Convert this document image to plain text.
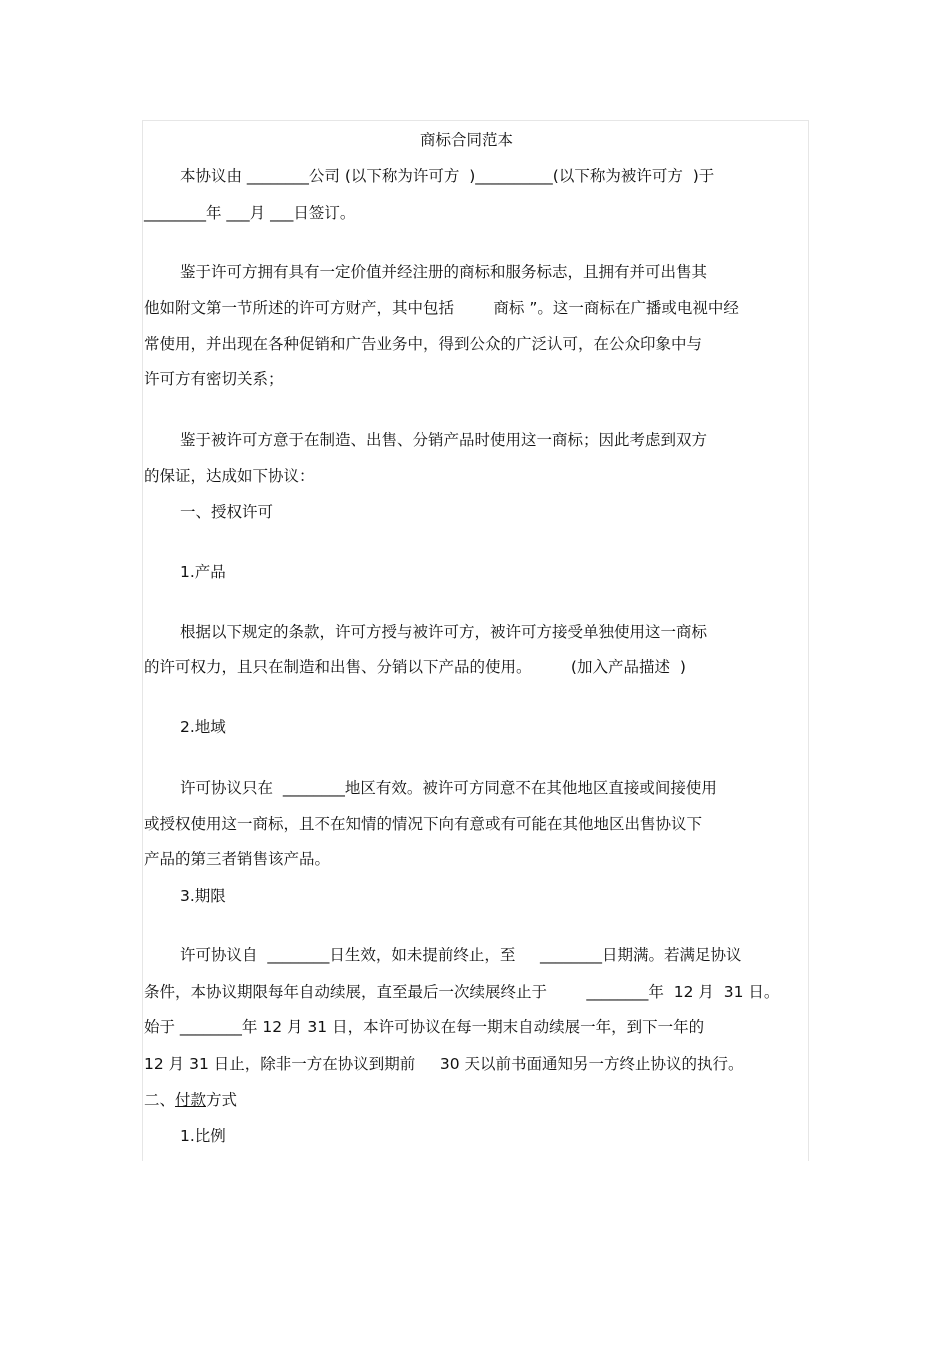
商标合同范本
本协议由 ________公司 (以下称为许可方  )__________(以下称为被许可方  )于
________年 ___月 ___日签订。
鉴于许可方拥有具有一定价值并经注册的商标和服务标志，且拥有并可出售其
他如附文第一节所述的许可方财产，其中包括        商标 ”。这一商标在广播或电视中经
常使用，并出现在各种促销和广告业务中，得到公众的广泛认可，在公众印象中与
许可方有密切关系；
鉴于被许可方意于在制造、出售、分销产品时使用这一商标；因此考虑到双方
的保证，达成如下协议：
一、授权许可
1.产品
根据以下规定的条款，许可方授与被许可方，被许可方接受单独使用这一商标
的许可权力，且只在制造和出售、分销以下产品的使用。        (加入产品描述  )
2.地域
许可协议只在  ________地区有效。被许可方同意不在其他地区直接或间接使用
或授权使用这一商标，且不在知情的情况下向有意或有可能在其他地区出售协议下
产品的第三者销售该产品。
3.期限
许可协议自  ________日生效，如未提前终止，至     ________日期满。若满足协议
条件，本协议期限每年自动续展，直至最后一次续展终止于        ________年  12 月  31 日。
始于 ________年 12 月 31 日，本许可协议在每一期末自动续展一年，到下一年的
12 月 31 日止，除非一方在协议到期前     30 天以前书面通知另一方终止协议的执行。
二、付款方式
1.比例
